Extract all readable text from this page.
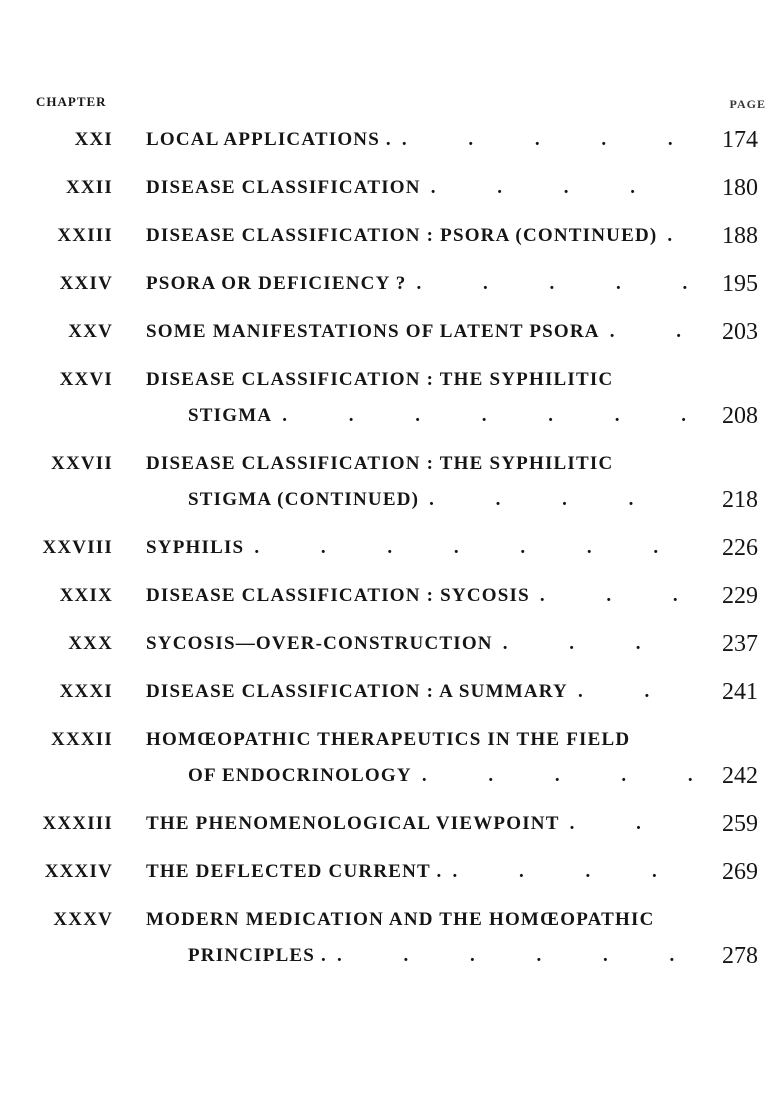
CHAPTER	PAGE
XXI LOCAL APPLICATIONS . .	174
XXII DISEASE CLASSIFICATION .	180
XXIII DISEASE CLASSIFICATION : PSORA (CONTINUED) .	188
XXIV PSORA OR DEFICIENCY ? .	195
XXV SOME MANIFESTATIONS OF LATENT PSORA .	203
XXVI DISEASE CLASSIFICATION : THE SYPHILITIC
STIGMA .	208
XXVII DISEASE CLASSIFICATION : THE SYPHILITIC
STIGMA (CONTINUED) .	218
XXVIII SYPHILIS .	226
XXIX DISEASE CLASSIFICATION : SYCOSIS .	229
XXX SYCOSIS—OVER-CONSTRUCTION .	237
XXXI DISEASE CLASSIFICATION : A SUMMARY .	241
XXXII HOMŒOPATHIC THERAPEUTICS IN THE FIELD
OF ENDOCRINOLOGY .	242
XXXIII THE PHENOMENOLOGICAL VIEWPOINT .	259
XXXIV THE DEFLECTED CURRENT . .	269
XXXV MODERN MEDICATION AND THE HOMŒOPATHIC
PRINCIPLES . .	278
